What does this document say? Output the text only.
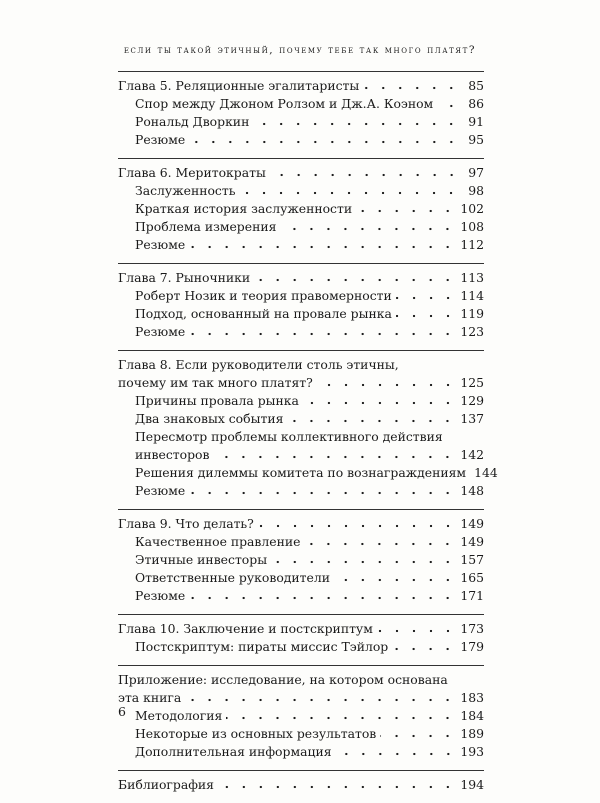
если ты такой этичный, почему тебе так много платят?
Глава 5. Реляционные эгалитаристы	85
Спор между Джоном Ролзом и Дж.А. Коэном	86
Рональд Дворкин	91
Резюме	95
Глава 6. Меритократы	97
Заслуженность	98
Краткая история заслуженности	102
Проблема измерения	108
Резюме	112
Глава 7. Рыночники	113
Роберт Нозик и теория правомерности	114
Подход, основанный на провале рынка	119
Резюме	123
Глава 8. Если руководители столь этичны,
почему им так много платят?	125
Причины провала рынка	129
Два знаковых события	137
Пересмотр проблемы коллективного действия
инвесторов	142
Решения дилеммы комитета по вознаграждениям 144
Резюме	148
Глава 9. Что делать?	149
Качественное правление	149
Этичные инвесторы	157
Ответственные руководители	165
Резюме	171
Глава 10. Заключение и постскриптум	173
Постскриптум: пираты миссис Тэйлор	179
Приложение: исследование, на котором основана
эта книга	183
Методология	184
Некоторые из основных результатов	189
Дополнительная информация	193
Библиография	194
6
